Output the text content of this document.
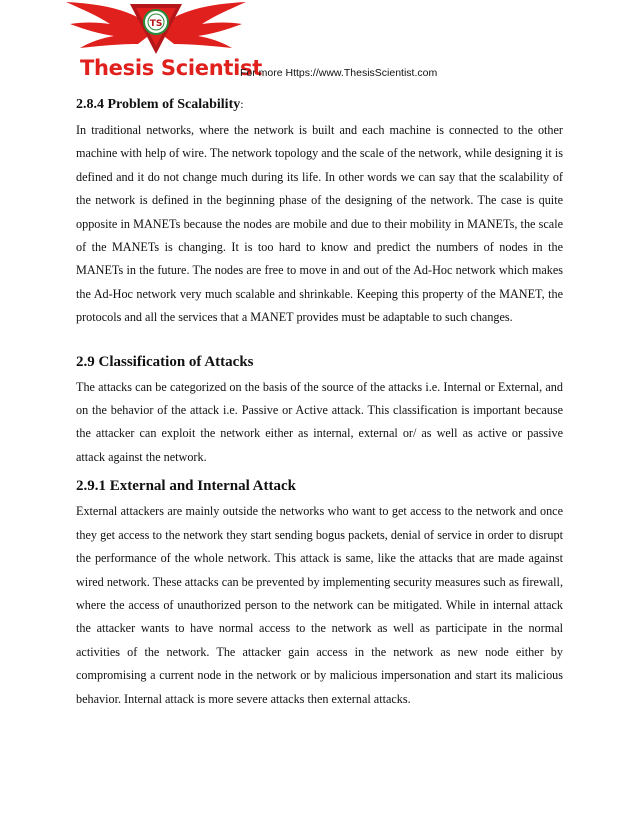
TS
Thesis Scientist
For more Https://www.ThesisScientist.com
2.8.4 Problem of Scalability:

In traditional networks, where the network is built and each machine is connected to the other machine with help of wire. The network topology and the scale of the network, while designing it is defined and it do not change much during its life. In other words we can say that the scalability of the network is defined in the beginning phase of the designing of the network. The case is quite opposite in MANETs because the nodes are mobile and due to their mobility in MANETs, the scale of the MANETs is changing. It is too hard to know and predict the numbers of nodes in the MANETs in the future. The nodes are free to move in and out of the Ad-Hoc network which makes the Ad-Hoc network very much scalable and shrinkable. Keeping this property of the MANET, the protocols and all the services that a MANET provides must be adaptable to such changes.

2.9 Classification of Attacks

The attacks can be categorized on the basis of the source of the attacks i.e. Internal or External, and on the behavior of the attack i.e. Passive or Active attack. This classification is important because the attacker can exploit the network either as internal, external or/ as well as active or passive attack against the network.

2.9.1 External and Internal Attack

External attackers are mainly outside the networks who want to get access to the network and once they get access to the network they start sending bogus packets, denial of service in order to disrupt the performance of the whole network. This attack is same, like the attacks that are made against wired network. These attacks can be prevented by implementing security measures such as firewall, where the access of unauthorized person to the network can be mitigated. While in internal attack the attacker wants to have normal access to the network as well as participate in the normal activities of the network. The attacker gain access in the network as new node either by compromising a current node in the network or by malicious impersonation and start its malicious behavior. Internal attack is more severe attacks then external attacks.
